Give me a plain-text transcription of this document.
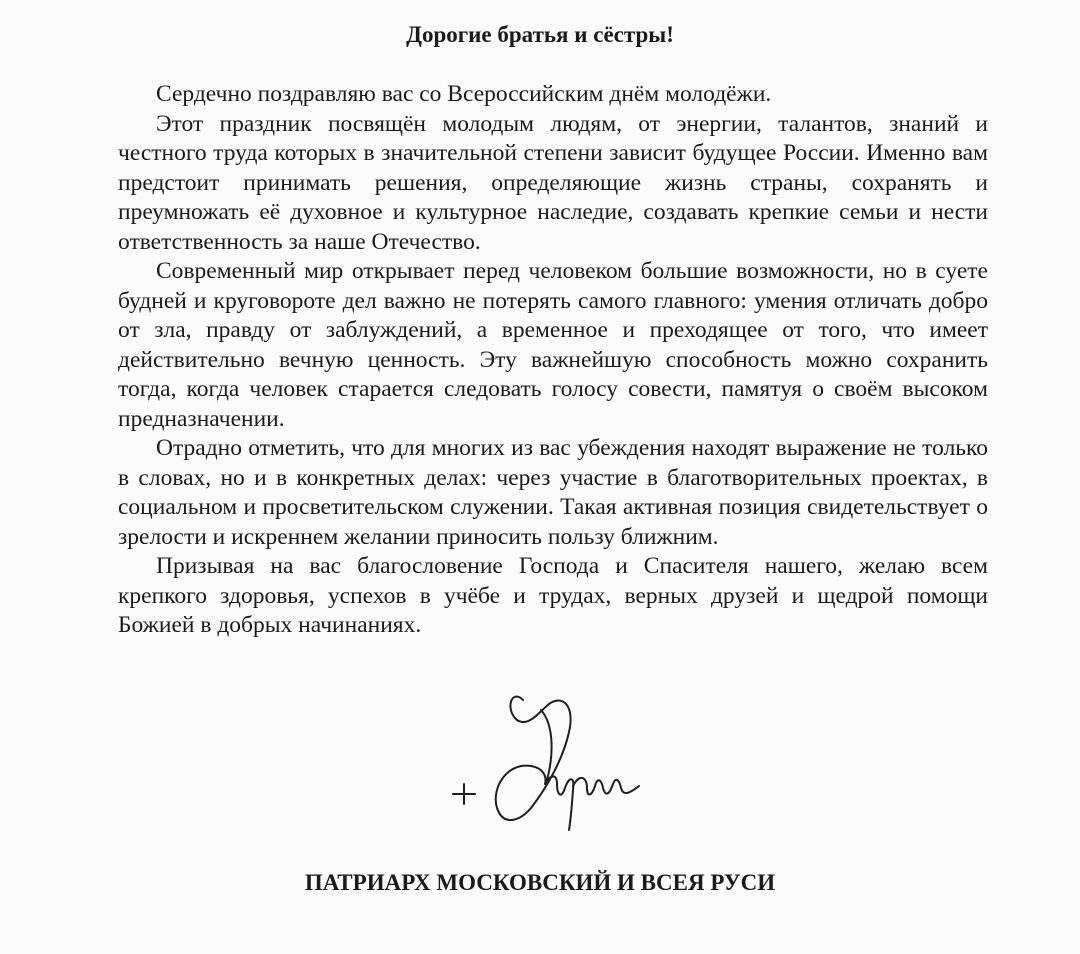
Дорогие братья и сёстры!

Сердечно поздравляю вас со Всероссийским днём молодёжи.

Этот праздник посвящён молодым людям, от энергии, талантов, знаний и честного труда которых в значительной степени зависит будущее России. Именно вам предстоит принимать решения, определяющие жизнь страны, сохранять и преумножать её духовное и культурное наследие, создавать крепкие семьи и нести ответственность за наше Отечество.

Современный мир открывает перед человеком большие возможности, но в суете будней и круговороте дел важно не потерять самого главного: умения отличать добро от зла, правду от заблуждений, а временное и преходящее от того, что имеет действительно вечную ценность. Эту важнейшую способность можно сохранить тогда, когда человек старается следовать голосу совести, памятуя о своём высоком предназначении.

Отрадно отметить, что для многих из вас убеждения находят выражение не только в словах, но и в конкретных делах: через участие в благотворительных проектах, в социальном и просветительском служении. Такая активная позиция свидетельствует о зрелости и искреннем желании приносить пользу ближним.

Призывая на вас благословение Господа и Спасителя нашего, желаю всем крепкого здоровья, успехов в учёбе и трудах, верных друзей и щедрой помощи Божией в добрых начинаниях.

ПАТРИАРХ МОСКОВСКИЙ И ВСЕЯ РУСИ
